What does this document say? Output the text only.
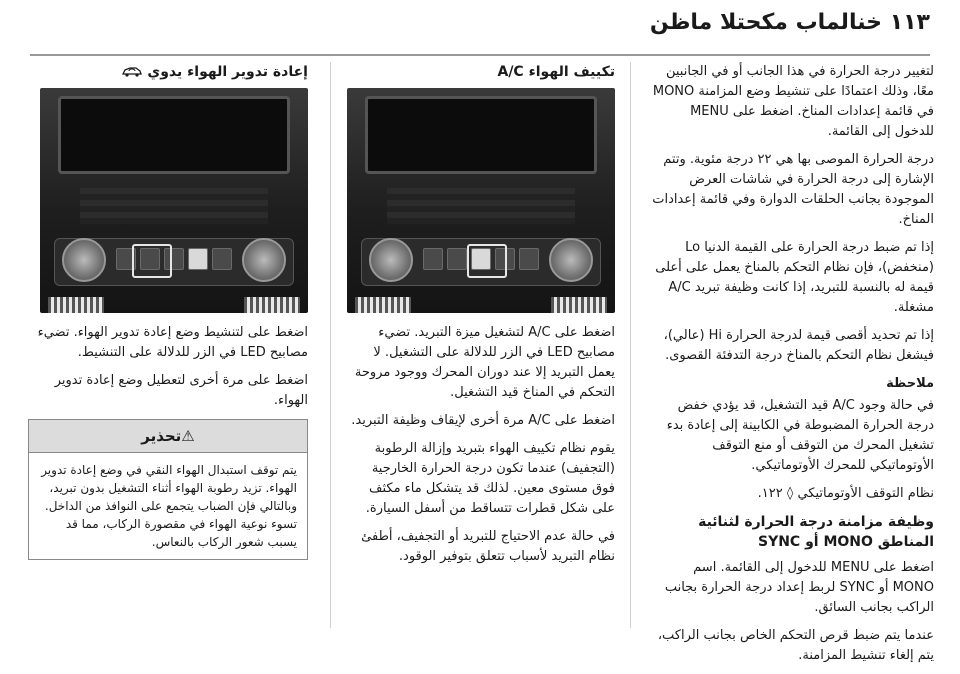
١١٣ خنالماب مكحتلا ماظن

لتغيير درجة الحرارة في هذا الجانب أو في الجانبين معًا، وذلك اعتمادًا على تنشيط وضع المزامنة MONO في قائمة إعدادات المناخ. اضغط على MENU للدخول إلى القائمة.

درجة الحرارة الموصى بها هي ٢٢ درجة مئوية. وتتم الإشارة إلى درجة الحرارة في شاشات العرض الموجودة بجانب الحلقات الدوارة وفي قائمة إعدادات المناخ.

إذا تم ضبط درجة الحرارة على القيمة الدنيا Lo (منخفض)، فإن نظام التحكم بالمناخ يعمل على أعلى قيمة له بالنسبة للتبريد، إذا كانت وظيفة تبريد A/C مشغلة.

إذا تم تحديد أقصى قيمة لدرجة الحرارة Hi (عالي)، فيشغل نظام التحكم بالمناخ درجة التدفئة القصوى.

ملاحظة

في حالة وجود A/C قيد التشغيل، قد يؤدي خفض درجة الحرارة المضبوطة في الكابينة إلى إعادة بدء تشغيل المحرك من التوقف أو منع التوقف الأوتوماتيكي للمحرك الأوتوماتيكي.

نظام التوقف الأوتوماتيكي ◊ ١٢٢.

وظيفة مزامنة درجة الحرارة لثنائية المناطق MONO أو SYNC

اضغط على MENU للدخول إلى القائمة. اسم MONO أو SYNC لربط إعداد درجة الحرارة بجانب الراكب بجانب السائق.

عندما يتم ضبط قرص التحكم الخاص بجانب الراكب، يتم إلغاء تنشيط المزامنة.

تكييف الهواء A/C

اضغط على A/C لتشغيل ميزة التبريد. تضيء مصابيح LED في الزر للدلالة على التشغيل. لا يعمل التبريد إلا عند دوران المحرك ووجود مروحة التحكم في المناخ قيد التشغيل.

اضغط على A/C مرة أخرى لإيقاف وظيفة التبريد.

يقوم نظام تكييف الهواء بتبريد وإزالة الرطوبة (التجفيف) عندما تكون درجة الحرارة الخارجية فوق مستوى معين. لذلك قد يتشكل ماء مكثف على شكل قطرات تتساقط من أسفل السيارة.

في حالة عدم الاحتياج للتبريد أو التجفيف، أطفئ نظام التبريد لأسباب تتعلق بتوفير الوقود.

إعادة تدوير الهواء يدوي

اضغط على لتنشيط وضع إعادة تدوير الهواء. تضيء مصابيح LED في الزر للدلالة على التنشيط.

اضغط على مرة أخرى لتعطيل وضع إعادة تدوير الهواء.

⚠تحذير
يتم توقف استبدال الهواء النقي في وضع إعادة تدوير الهواء. تزيد رطوبة الهواء أثناء التشغيل بدون تبريد، وبالتالي فإن الضباب يتجمع على النوافذ من الداخل. تسوء نوعية الهواء في مقصورة الركاب، مما قد يسبب شعور الركاب بالنعاس.
